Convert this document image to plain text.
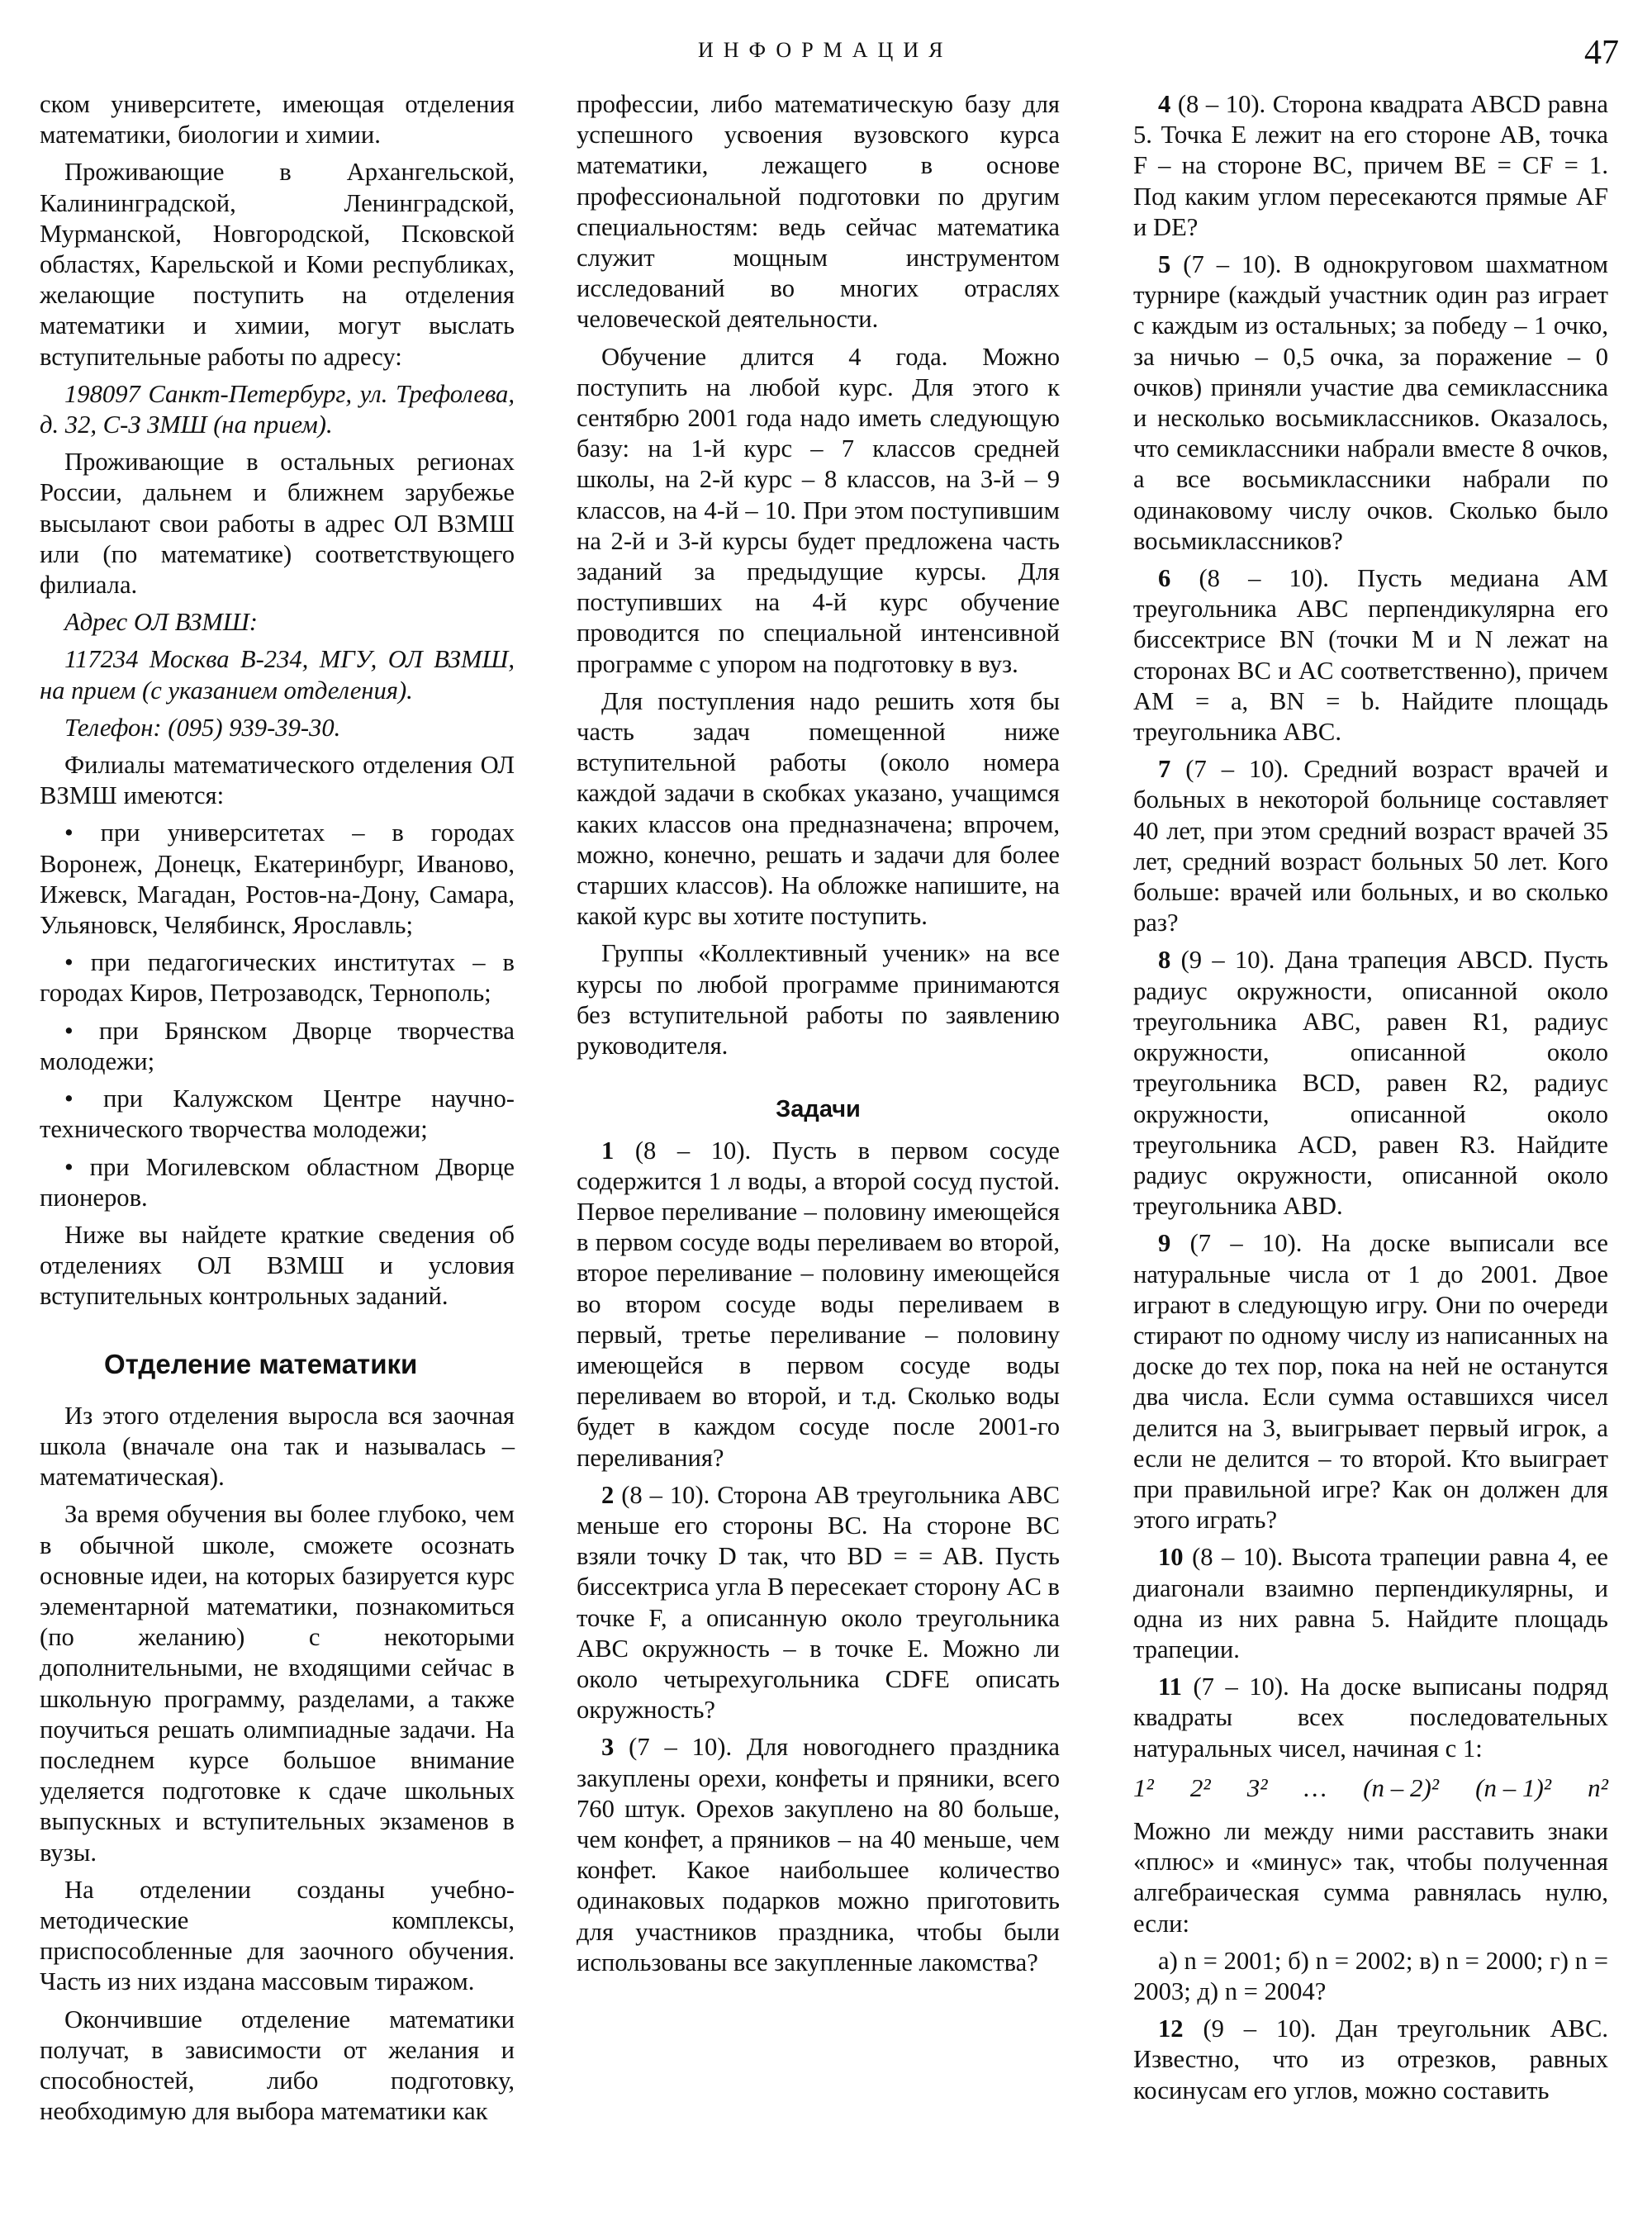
ИНФОРМАЦИЯ	47

ском университете, имеющая отделения математики, биологии и химии.

Проживающие в Архангельской, Калининградской, Ленинградской, Мурманской, Новгородской, Псковской областях, Карельской и Коми республиках, желающие поступить на отделения математики и химии, могут выслать вступительные работы по адресу:

198097 Санкт-Петербург, ул. Трефолева, д. 32, С-З ЗМШ (на прием).

Проживающие в остальных регионах России, дальнем и ближнем зарубежье высылают свои работы в адрес ОЛ ВЗМШ или (по математике) соответствующего филиала.

Адрес ОЛ ВЗМШ:

117234 Москва В-234, МГУ, ОЛ ВЗМШ, на прием (с указанием отделения).

Телефон: (095) 939-39-30.

Филиалы математического отделения ОЛ ВЗМШ имеются:

• при университетах – в городах Воронеж, Донецк, Екатеринбург, Иваново, Ижевск, Магадан, Ростов-на-Дону, Самара, Ульяновск, Челябинск, Ярославль;

• при педагогических институтах – в городах Киров, Петрозаводск, Тернополь;

• при Брянском Дворце творчества молодежи;

• при Калужском Центре научно-технического творчества молодежи;

• при Могилевском областном Дворце пионеров.

Ниже вы найдете краткие сведения об отделениях ОЛ ВЗМШ и условия вступительных контрольных заданий.

Отделение математики

Из этого отделения выросла вся заочная школа (вначале она так и называлась – математическая).

За время обучения вы более глубоко, чем в обычной школе, сможете осознать основные идеи, на которых базируется курс элементарной математики, познакомиться (по желанию) с некоторыми дополнительными, не входящими сейчас в школьную программу, разделами, а также поучиться решать олимпиадные задачи. На последнем курсе большое внимание уделяется подготовке к сдаче школьных выпускных и вступительных экзаменов в вузы.

На отделении созданы учебно-методические комплексы, приспособленные для заочного обучения. Часть из них издана массовым тиражом.

Окончившие отделение математики получат, в зависимости от желания и способностей, либо подготовку, необходимую для выбора математики как

профессии, либо математическую базу для успешного усвоения вузовского курса математики, лежащего в основе профессиональной подготовки по другим специальностям: ведь сейчас математика служит мощным инструментом исследований во многих отраслях человеческой деятельности.

Обучение длится 4 года. Можно поступить на любой курс. Для этого к сентябрю 2001 года надо иметь следующую базу: на 1-й курс – 7 классов средней школы, на 2-й курс – 8 классов, на 3-й – 9 классов, на 4-й – 10. При этом поступившим на 2-й и 3-й курсы будет предложена часть заданий за предыдущие курсы. Для поступивших на 4-й курс обучение проводится по специальной интенсивной программе с упором на подготовку в вуз.

Для поступления надо решить хотя бы часть задач помещенной ниже вступительной работы (около номера каждой задачи в скобках указано, учащимся каких классов она предназначена; впрочем, можно, конечно, решать и задачи для более старших классов). На обложке напишите, на какой курс вы хотите поступить.

Группы «Коллективный ученик» на все курсы по любой программе принимаются без вступительной работы по заявлению руководителя.

Задачи

1 (8 – 10). Пусть в первом сосуде содержится 1 л воды, а второй сосуд пустой. Первое переливание – половину имеющейся в первом сосуде воды переливаем во второй, второе переливание – половину имеющейся во втором сосуде воды переливаем в первый, третье переливание – половину имеющейся в первом сосуде воды переливаем во второй, и т.д. Сколько воды будет в каждом сосуде после 2001-го переливания?

2 (8 – 10). Сторона AB треугольника ABC меньше его стороны BC. На стороне BC взяли точку D так, что BD = = AB. Пусть биссектриса угла B пересекает сторону AC в точке F, а описанную около треугольника ABC окружность – в точке E. Можно ли около четырехугольника CDFE описать окружность?

3 (7 – 10). Для новогоднего праздника закуплены орехи, конфеты и пряники, всего 760 штук. Орехов закуплено на 80 больше, чем конфет, а пряников – на 40 меньше, чем конфет. Какое наибольшее количество одинаковых подарков можно приготовить для участников праздника, чтобы были использованы все закупленные лакомства?

4 (8 – 10). Сторона квадрата ABCD равна 5. Точка E лежит на его стороне AB, точка F – на стороне BC, причем BE = CF = 1. Под каким углом пересекаются прямые AF и DE?

5 (7 – 10). В однокруговом шахматном турнире (каждый участник один раз играет с каждым из остальных; за победу – 1 очко, за ничью – 0,5 очка, за поражение – 0 очков) приняли участие два семиклассника и несколько восьмиклассников. Оказалось, что семиклассники набрали вместе 8 очков, а все восьмиклассники набрали по одинаковому числу очков. Сколько было восьмиклассников?

6 (8 – 10). Пусть медиана AM треугольника ABC перпендикулярна его биссектрисе BN (точки M и N лежат на сторонах BC и AC соответственно), причем AM = a, BN = b. Найдите площадь треугольника ABC.

7 (7 – 10). Средний возраст врачей и больных в некоторой больнице составляет 40 лет, при этом средний возраст врачей 35 лет, средний возраст больных 50 лет. Кого больше: врачей или больных, и во сколько раз?

8 (9 – 10). Дана трапеция ABCD. Пусть радиус окружности, описанной около треугольника ABC, равен R1, радиус окружности, описанной около треугольника BCD, равен R2, радиус окружности, описанной около треугольника ACD, равен R3. Найдите радиус окружности, описанной около треугольника ABD.

9 (7 – 10). На доске выписали все натуральные числа от 1 до 2001. Двое играют в следующую игру. Они по очереди стирают по одному числу из написанных на доске до тех пор, пока на ней не останутся два числа. Если сумма оставшихся чисел делится на 3, выигрывает первый игрок, а если не делится – то второй. Кто выиграет при правильной игре? Как он должен для этого играть?

10 (8 – 10). Высота трапеции равна 4, ее диагонали взаимно перпендикулярны, и одна из них равна 5. Найдите площадь трапеции.

11 (7 – 10). На доске выписаны подряд квадраты всех последовательных натуральных чисел, начиная с 1:

1² 2² 3² … (n – 2)² (n – 1)² n²

Можно ли между ними расставить знаки «плюс» и «минус» так, чтобы полученная алгебраическая сумма равнялась нулю, если:

а) n = 2001; б) n = 2002; в) n = 2000; г) n = 2003; д) n = 2004?

12 (9 – 10). Дан треугольник ABC. Известно, что из отрезков, равных косинусам его углов, можно составить
